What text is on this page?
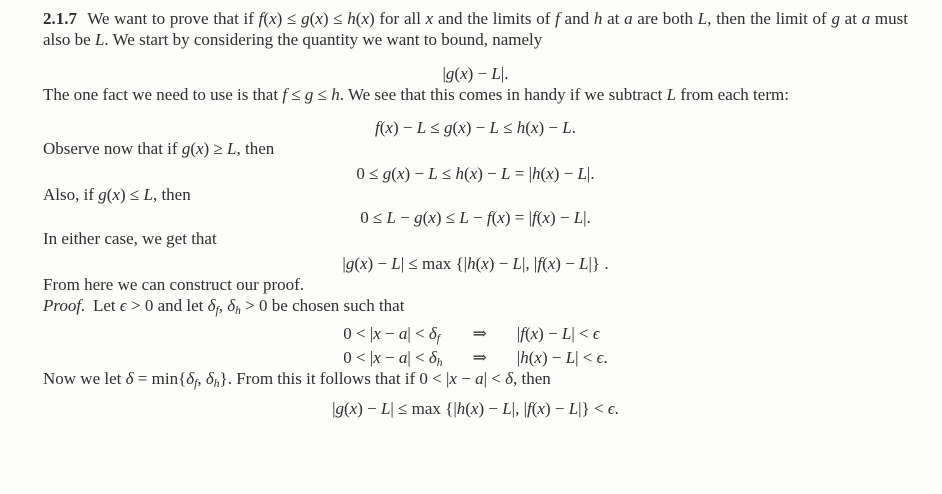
2.1.7 We want to prove that if f(x) ≤ g(x) ≤ h(x) for all x and the limits of f and h at a are both L, then the limit of g at a must also be L. We start by considering the quantity we want to bound, namely

|g(x) − L|.

The one fact we need to use is that f ≤ g ≤ h. We see that this comes in handy if we subtract L from each term:

f(x) − L ≤ g(x) − L ≤ h(x) − L.

Observe now that if g(x) ≥ L, then

0 ≤ g(x) − L ≤ h(x) − L = |h(x) − L|.

Also, if g(x) ≤ L, then

0 ≤ L − g(x) ≤ L − f(x) = |f(x) − L|.

In either case, we get that

|g(x) − L| ≤ max {|h(x) − L|, |f(x) − L|} .

From here we can construct our proof.

Proof. Let ϵ > 0 and let $\delta_f$, $\delta_h > 0$ be chosen such that

$0 < |x - a| < \delta_f$ ⇒ |f(x) − L| < ϵ
$0 < |x - a| < \delta_h$ ⇒ |h(x) − L| < ϵ.

Now we let $\delta = \min\{\delta_f$, $\delta_h$}. From this it follows that if 0 < |x − a| < δ, then

|g(x) − L| ≤ max {|h(x) − L|, |f(x) − L|} < ϵ.
